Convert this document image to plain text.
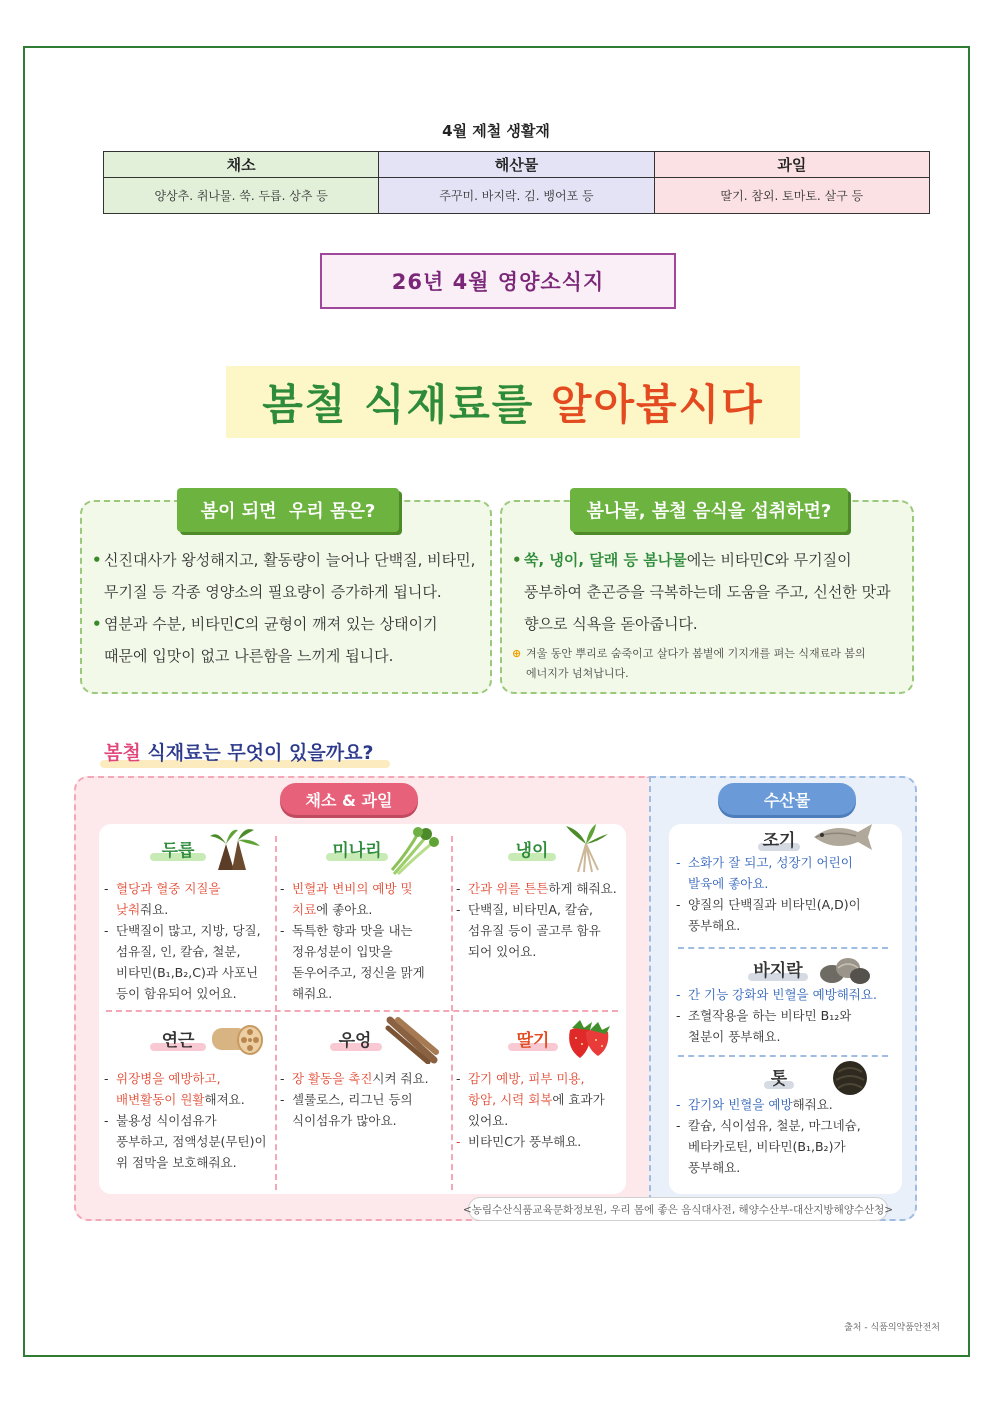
4월 제철 생활재
채소	해산물	과일
양상추. 취나물. 쑥. 두릅. 상추 등	주꾸미. 바지락. 김. 뱅어포 등	딸기. 참외. 토마토. 살구 등
26년 4월 영양소식지
봄철 식재료를 알아봅시다
봄이 되면  우리 몸은?
• 신진대사가 왕성해지고, 활동량이 늘어나 단백질, 비타민,
무기질 등 각종 영양소의 필요량이 증가하게 됩니다.
• 염분과 수분, 비타민C의 균형이 깨져 있는 상태이기
때문에 입맛이 없고 나른함을 느끼게 됩니다.
봄나물, 봄철 음식을 섭취하면?
• 쑥, 냉이, 달래 등 봄나물에는 비타민C와 무기질이
풍부하여 춘곤증을 극복하는데 도움을 주고, 신선한 맛과
향으로 식욕을 돋아줍니다.
⊕ 겨울 동안 뿌리로 숨죽이고 살다가 봄볕에 기지개를 펴는 식재료라 봄의
에너지가 넘쳐납니다.
봄철 식재료는 무엇이 있을까요?
채소 & 과일	수산물
두릅
- 혈당과 혈중 지질을
낮춰줘요.
- 단백질이 많고, 지방, 당질,
섬유질, 인, 칼슘, 철분,
비타민(B₁,B₂,C)과 사포닌
등이 함유되어 있어요.
미나리
- 빈혈과 변비의 예방 및
치료에 좋아요.
- 독특한 향과 맛을 내는
정유성분이 입맛을
돋우어주고, 정신을 맑게
해줘요.
냉이
- 간과 위를 튼튼하게 해줘요.
- 단백질, 비타민A, 칼슘,
섬유질 등이 골고루 함유
되어 있어요.
연근
- 위장병을 예방하고,
배변활동이 원활해져요.
- 불용성 식이섬유가
풍부하고, 점액성분(무틴)이
위 점막을 보호해줘요.
우엉
- 장 활동을 촉진시켜 줘요.
- 셀룰로스, 리그닌 등의
식이섬유가 많아요.
딸기
- 감기 예방, 피부 미용,
항암, 시력 회복에 효과가
있어요.
- 비타민C가 풍부해요.
조기
- 소화가 잘 되고, 성장기 어린이
발육에 좋아요.
- 양질의 단백질과 비타민(A,D)이
풍부해요.
바지락
- 간 기능 강화와 빈혈을 예방해줘요.
- 조혈작용을 하는 비타민 B₁₂와
철분이 풍부해요.
톳
- 감기와 빈혈을 예방해줘요.
- 칼슘, 식이섬유, 철분, 마그네슘,
베타카로틴, 비타민(B₁,B₂)가
풍부해요.
<농림수산식품교육문화정보원, 우리 몸에 좋은 음식대사전, 해양수산부-대산지방해양수산청>
출처 - 식품의약품안전처
